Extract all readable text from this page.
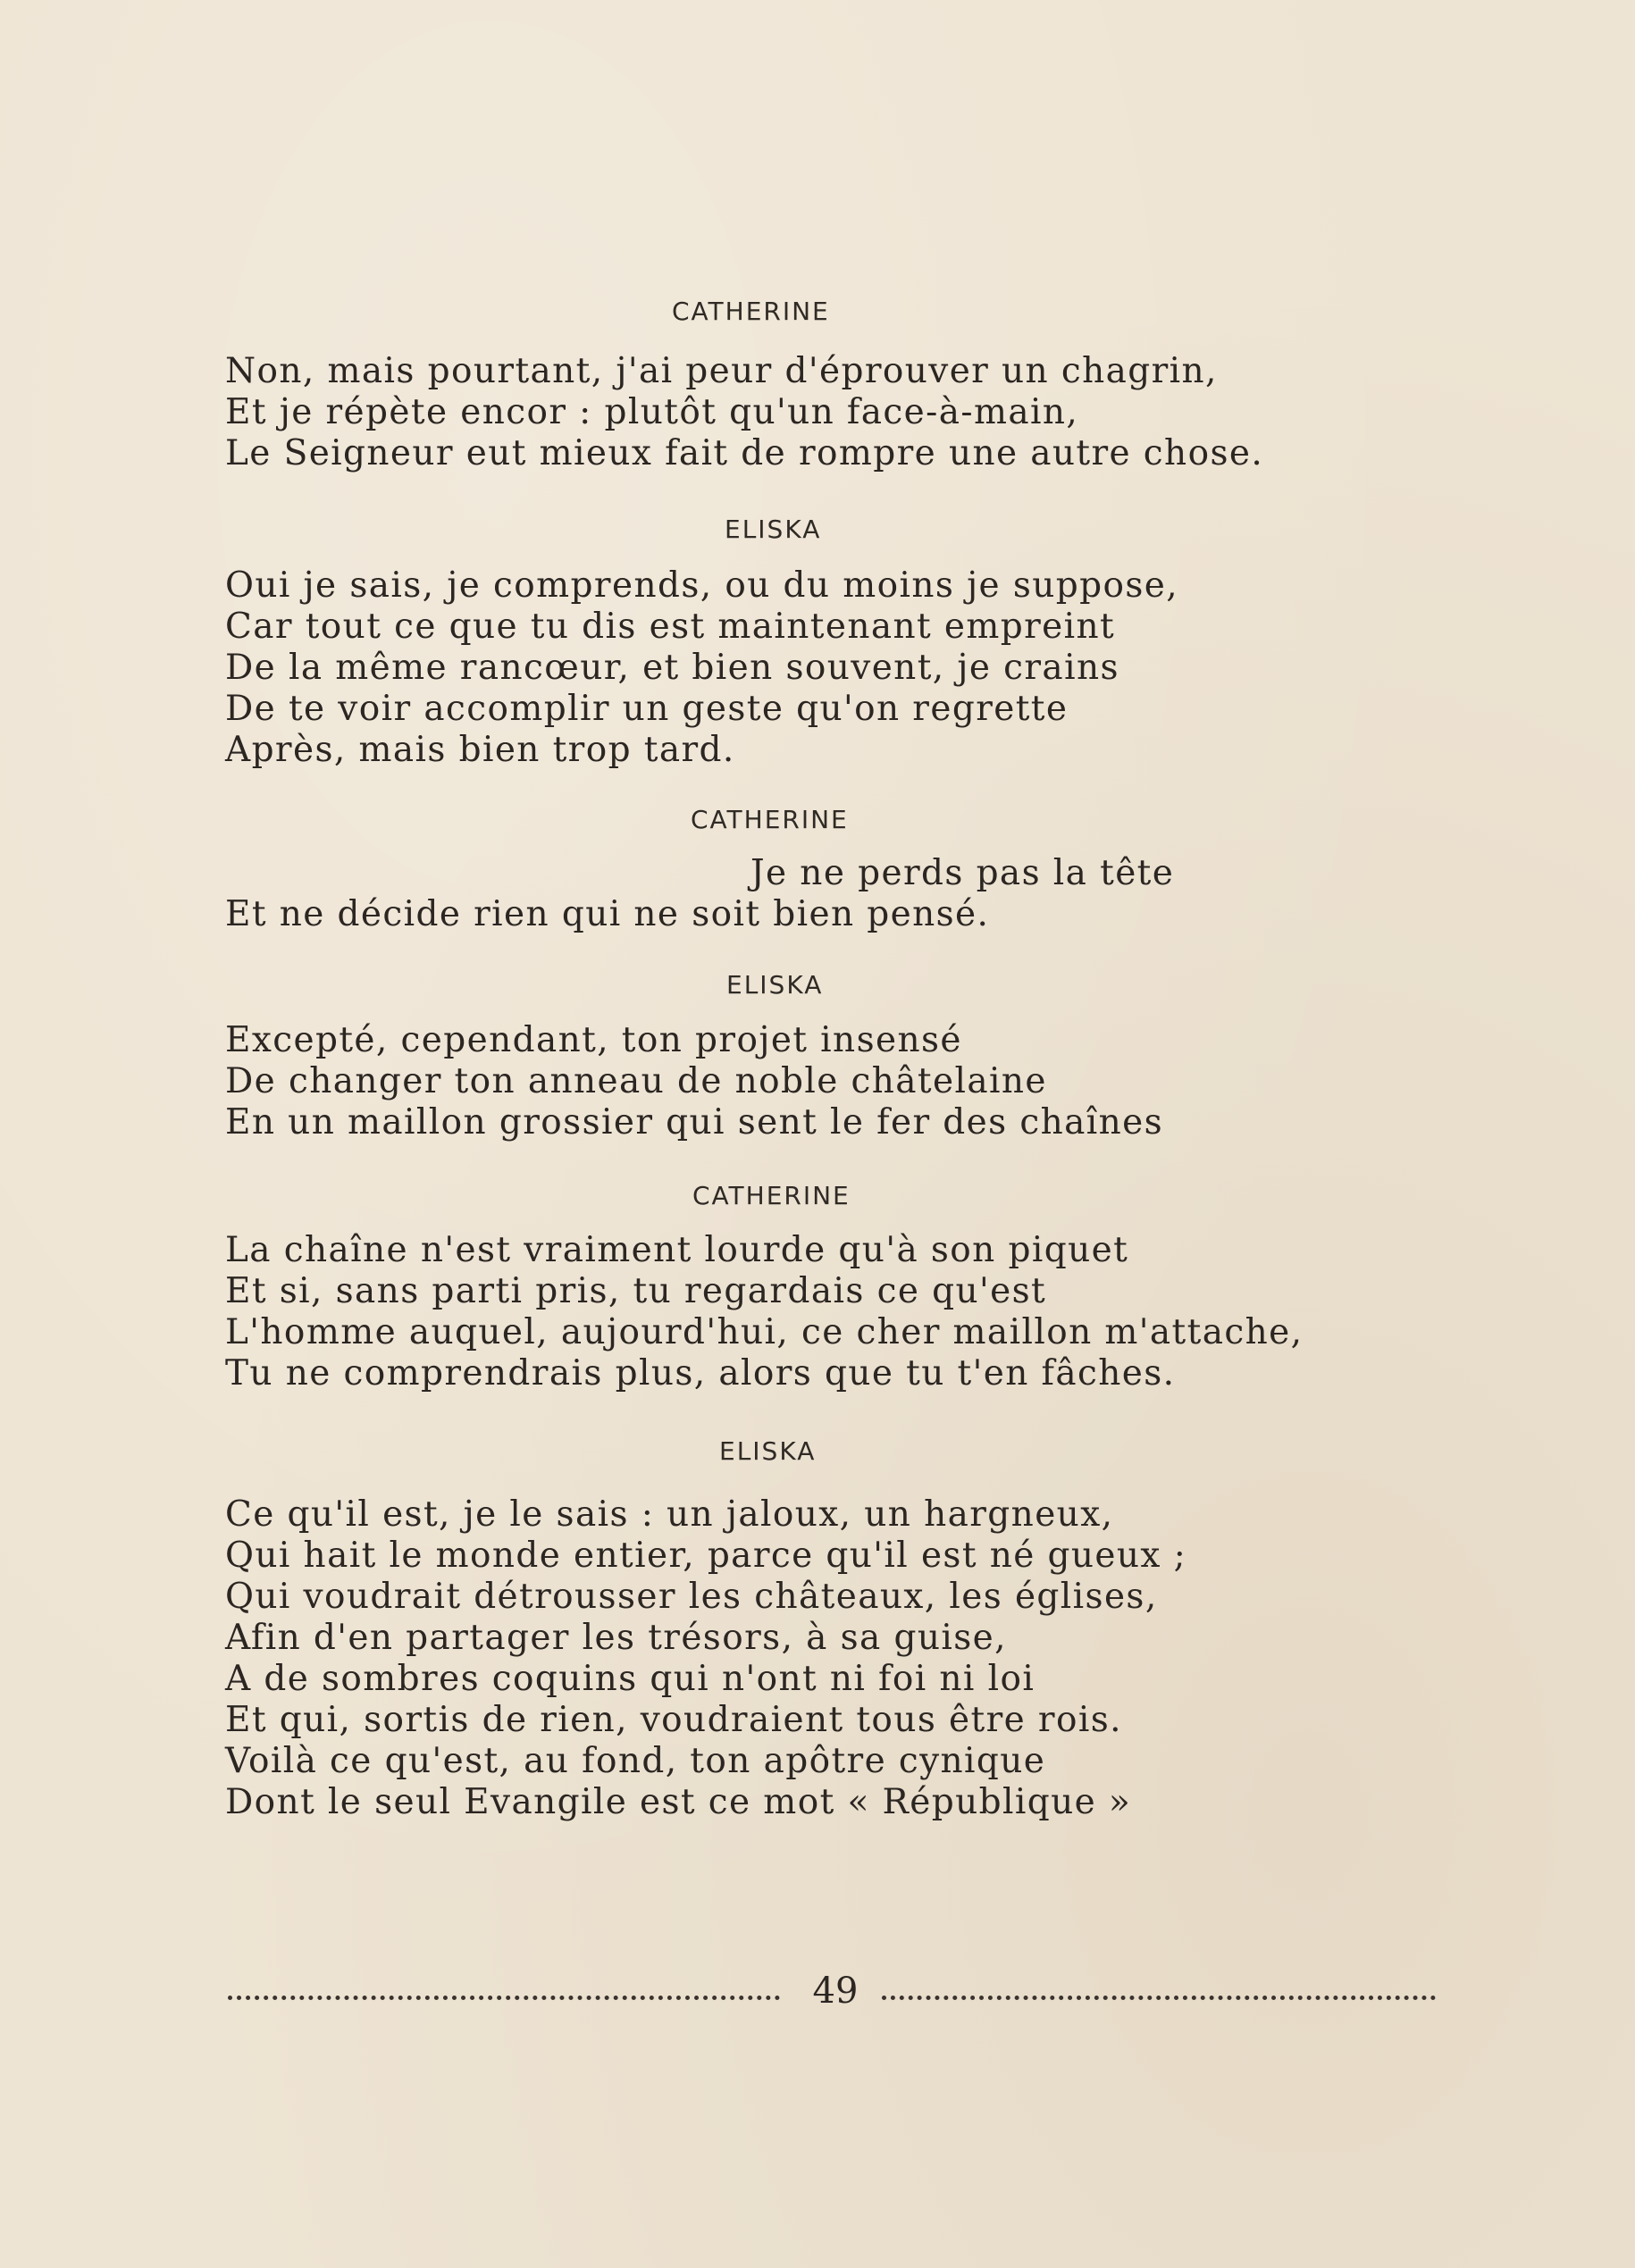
CATHERINE
Non, mais pourtant, j'ai peur d'éprouver un chagrin,
Et je répète encor : plutôt qu'un face-à-main,
Le Seigneur eut mieux fait de rompre une autre chose.
ELISKA
Oui je sais, je comprends, ou du moins je suppose,
Car tout ce que tu dis est maintenant empreint
De la même rancœur, et bien souvent, je crains
De te voir accomplir un geste qu'on regrette
Après, mais bien trop tard.
CATHERINE
Je ne perds pas la tête
Et ne décide rien qui ne soit bien pensé.
ELISKA
Excepté, cependant, ton projet insensé
De changer ton anneau de noble châtelaine
En un maillon grossier qui sent le fer des chaînes
CATHERINE
La chaîne n'est vraiment lourde qu'à son piquet
Et si, sans parti pris, tu regardais ce qu'est
L'homme auquel, aujourd'hui, ce cher maillon m'attache,
Tu ne comprendrais plus, alors que tu t'en fâches.
ELISKA
Ce qu'il est, je le sais : un jaloux, un hargneux,
Qui hait le monde entier, parce qu'il est né gueux ;
Qui voudrait détrousser les châteaux, les églises,
Afin d'en partager les trésors, à sa guise,
A de sombres coquins qui n'ont ni foi ni loi
Et qui, sortis de rien, voudraient tous être rois.
Voilà ce qu'est, au fond, ton apôtre cynique
Dont le seul Evangile est ce mot « République »
49
